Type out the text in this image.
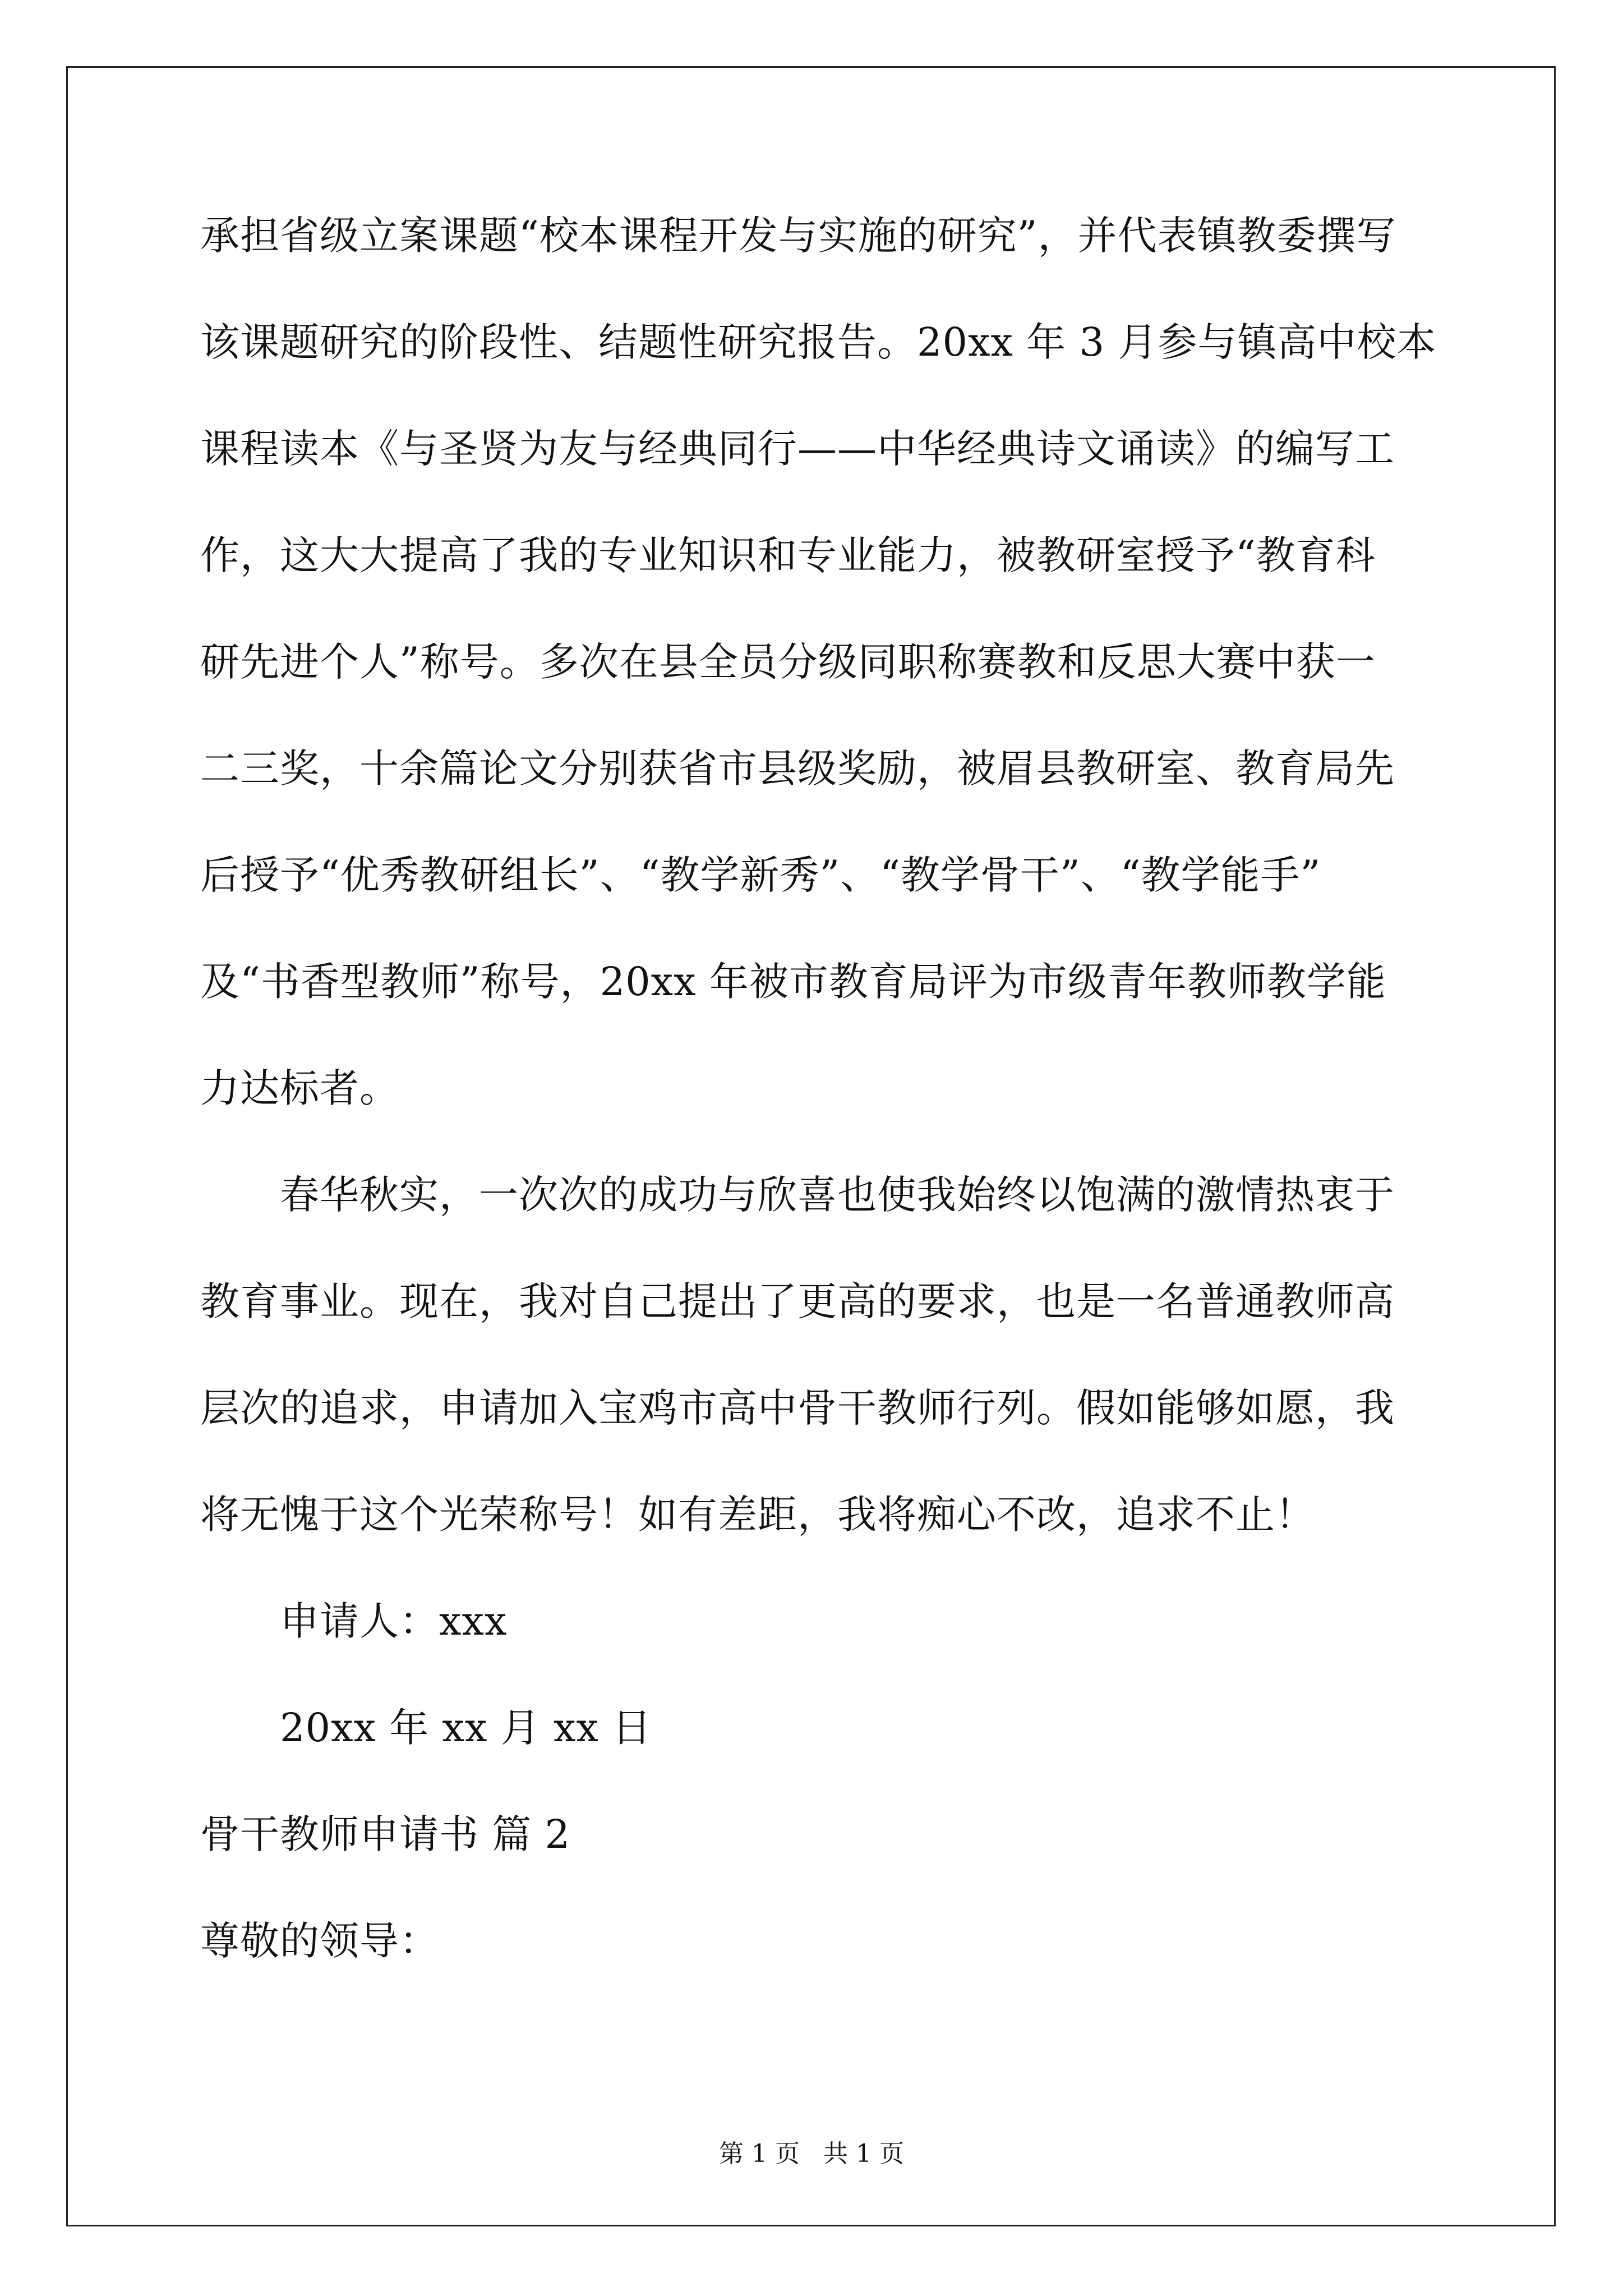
承担省级立案课题“校本课程开发与实施的研究”，并代表镇教委撰写
该课题研究的阶段性、结题性研究报告。20xx 年 3 月参与镇高中校本
课程读本《与圣贤为友与经典同行——中华经典诗文诵读》的编写工
作，这大大提高了我的专业知识和专业能力，被教研室授予“教育科
研先进个人”称号。多次在县全员分级同职称赛教和反思大赛中获一
二三奖，十余篇论文分别获省市县级奖励，被眉县教研室、教育局先
后授予“优秀教研组长”、“教学新秀”、“教学骨干”、“教学能手”
及“书香型教师”称号，20xx 年被市教育局评为市级青年教师教学能
力达标者。
春华秋实，一次次的成功与欣喜也使我始终以饱满的激情热衷于
教育事业。现在，我对自己提出了更高的要求，也是一名普通教师高
层次的追求，申请加入宝鸡市高中骨干教师行列。假如能够如愿，我
将无愧于这个光荣称号！如有差距，我将痴心不改，追求不止！
申请人：xxx
20xx 年 xx 月 xx 日
骨干教师申请书 篇 2
尊敬的领导：
第 1 页   共 1 页
